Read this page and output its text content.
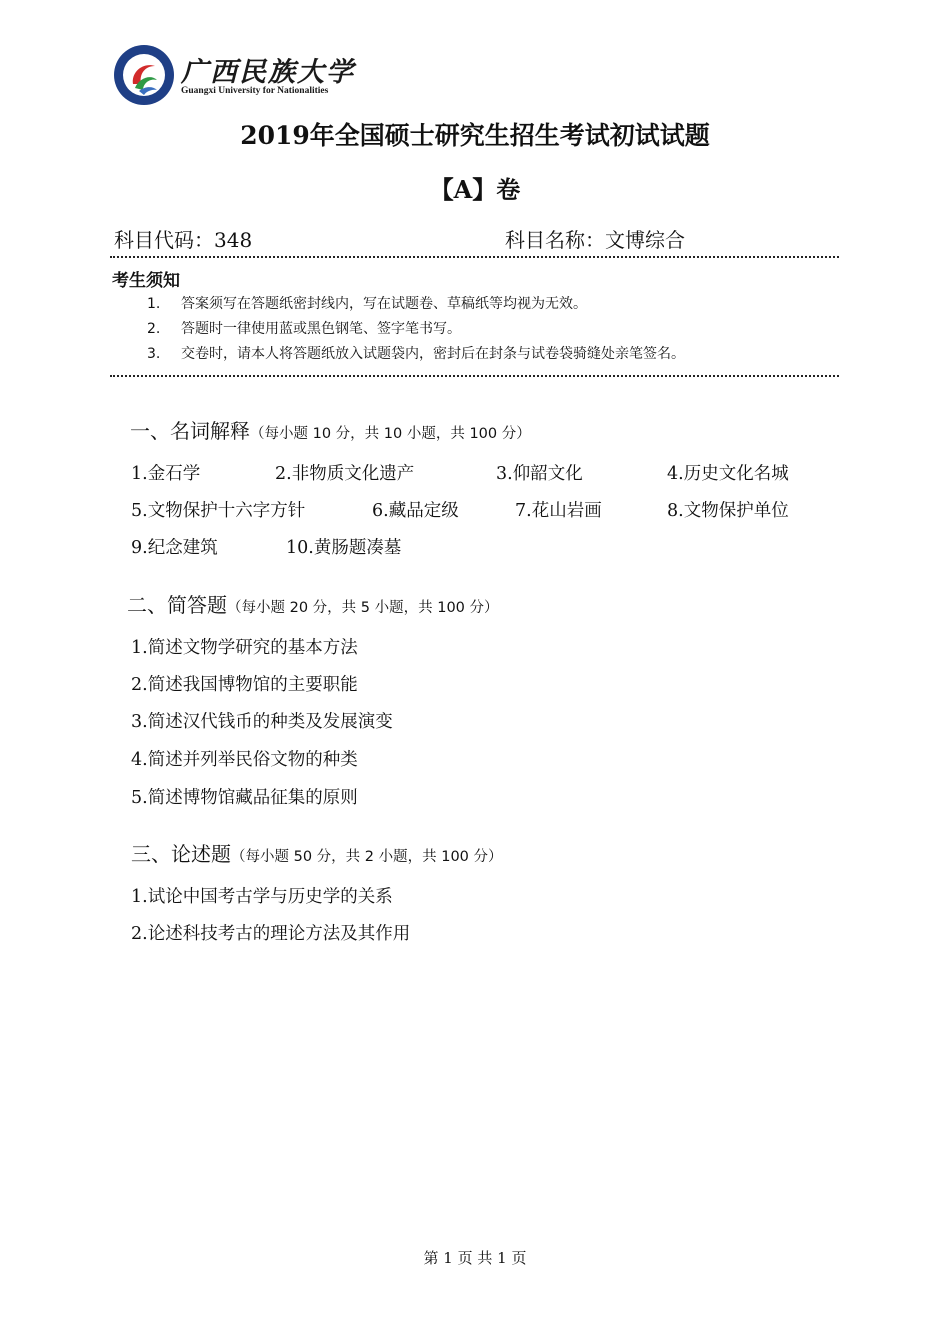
广西民族大学
Guangxi University for Nationalities
2019年全国硕士研究生招生考试初试试题
【A】卷
科目代码：348	科目名称：文博综合
考生须知
1. 答案须写在答题纸密封线内，写在试题卷、草稿纸等均视为无效。
2. 答题时一律使用蓝或黑色钢笔、签字笔书写。
3. 交卷时，请本人将答题纸放入试题袋内，密封后在封条与试卷袋骑缝处亲笔签名。
一、名词解释（每小题 10 分，共 10 小题，共 100 分）
1.金石学	2.非物质文化遗产	3.仰韶文化	4.历史文化名城
5.文物保护十六字方针	6.藏品定级	7.花山岩画	8.文物保护单位
9.纪念建筑	10.黄肠题凑墓
二、简答题（每小题 20 分，共 5 小题，共 100 分）
1.简述文物学研究的基本方法
2.简述我国博物馆的主要职能
3.简述汉代钱币的种类及发展演变
4.简述并列举民俗文物的种类
5.简述博物馆藏品征集的原则
三、论述题（每小题 50 分，共 2 小题，共 100 分）
1.试论中国考古学与历史学的关系
2.论述科技考古的理论方法及其作用
第 1 页 共 1 页
